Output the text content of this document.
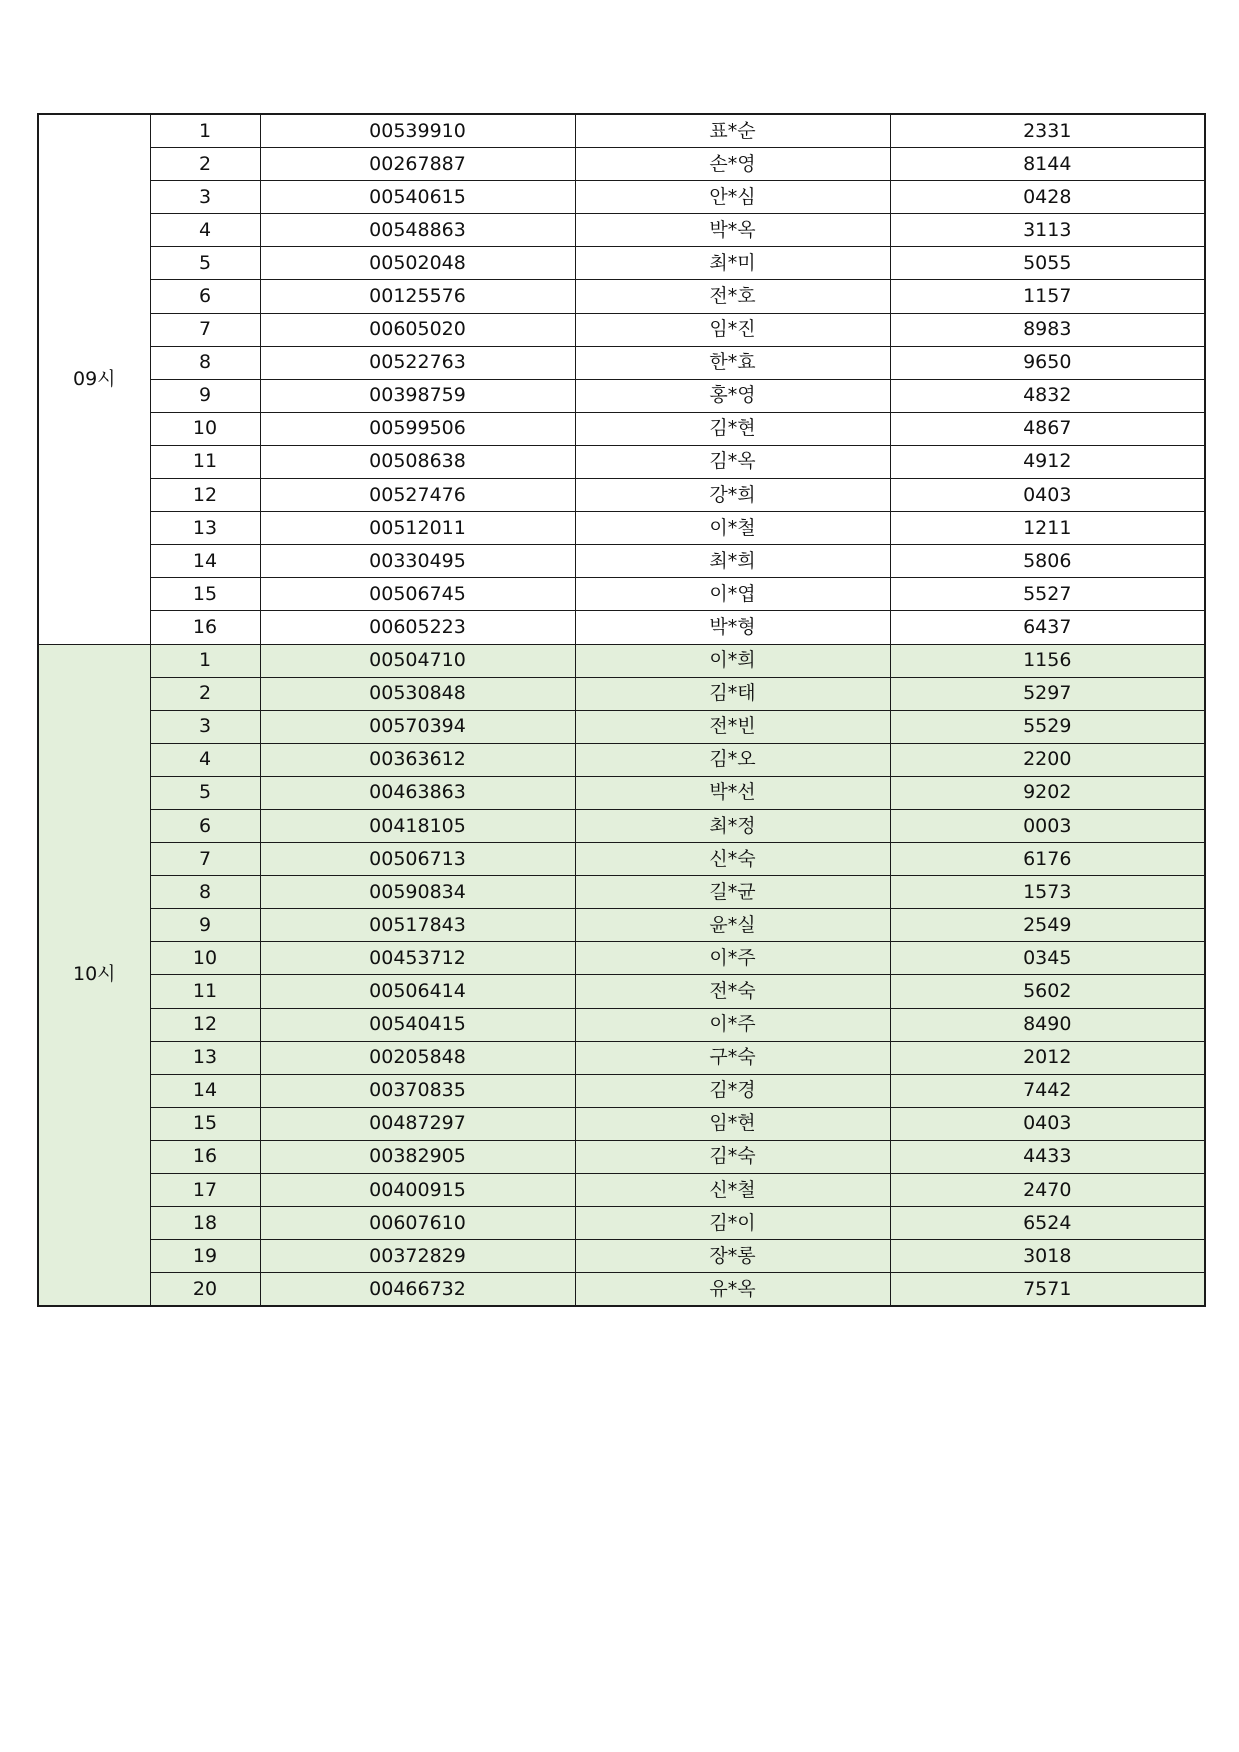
09시	1	00539910	표*순	2331
	2	00267887	손*영	8144
	3	00540615	안*심	0428
	4	00548863	박*옥	3113
	5	00502048	최*미	5055
	6	00125576	전*호	1157
	7	00605020	임*진	8983
	8	00522763	한*효	9650
	9	00398759	홍*영	4832
	10	00599506	김*현	4867
	11	00508638	김*옥	4912
	12	00527476	강*희	0403
	13	00512011	이*철	1211
	14	00330495	최*희	5806
	15	00506745	이*엽	5527
	16	00605223	박*형	6437
10시	1	00504710	이*희	1156
	2	00530848	김*태	5297
	3	00570394	전*빈	5529
	4	00363612	김*오	2200
	5	00463863	박*선	9202
	6	00418105	최*정	0003
	7	00506713	신*숙	6176
	8	00590834	길*균	1573
	9	00517843	윤*실	2549
	10	00453712	이*주	0345
	11	00506414	전*숙	5602
	12	00540415	이*주	8490
	13	00205848	구*숙	2012
	14	00370835	김*경	7442
	15	00487297	임*현	0403
	16	00382905	김*숙	4433
	17	00400915	신*철	2470
	18	00607610	김*이	6524
	19	00372829	장*롱	3018
	20	00466732	유*옥	7571
